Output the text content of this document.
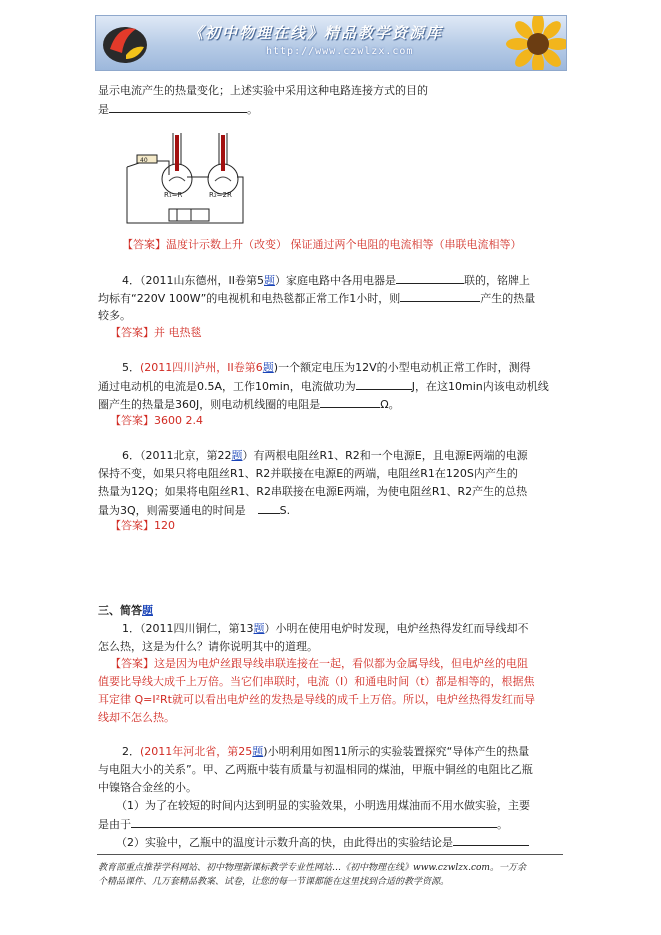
《初中物理在线》精品教学资源库
http://www.czwlzx.com
显示电流产生的热量变化；上述实验中采用这种电路连接方式的目的
是	。
40
R₁=R	R₂=2R
【答案】温度计示数上升（改变） 保证通过两个电阻的电流相等（串联电流相等）
4．（2011山东德州，II卷第5题）家庭电路中各用电器是	联的，铭牌上
均标有“220V 100W”的电视机和电热毯都正常工作1小时，则	产生的热量
较多。
【答案】并 电热毯
5．(2011四川泸州，II卷第6题)一个额定电压为12V的小型电动机正常工作时，测得
通过电动机的电流是0.5A，工作10min，电流做功为	J，在这10min内该电动机线
圈产生的热量是360J，则电动机线圈的电阻是	Ω。
【答案】3600 2.4
6．（2011北京，第22题）有两根电阻丝R1、R2和一个电源E，且电源E两端的电源
保持不变，如果只将电阻丝R1、R2并联接在电源E的两端，电阻丝R1在120S内产生的
热量为12Q；如果将电阻丝R1、R2串联接在电源E两端，为使电阻丝R1、R2产生的总热
量为3Q，则需要通电的时间是	S.
【答案】120
三、简答题
1．（2011四川铜仁，第13题）小明在使用电炉时发现，电炉丝热得发红而导线却不
怎么热，这是为什么？请你说明其中的道理。
【答案】这是因为电炉丝跟导线串联连接在一起，看似都为金属导线，但电炉丝的电阻
值要比导线大成千上万倍。当它们串联时，电流（I）和通电时间（t）都是相等的，根据焦
耳定律 Q=I²Rt就可以看出电炉丝的发热是导线的成千上万倍。所以，电炉丝热得发红而导
线却不怎么热。
2．(2011年河北省，第25题)小明利用如图11所示的实验装置探究“导体产生的热量
与电阻大小的关系”。甲、乙两瓶中装有质量与初温相同的煤油，甲瓶中铜丝的电阻比乙瓶
中镍铬合金丝的小。
（1）为了在较短的时间内达到明显的实验效果，小明选用煤油而不用水做实验，主要
是由于	。
（2）实验中，乙瓶中的温度计示数升高的快，由此得出的实验结论是
教育部重点推荐学科网站、初中物理新课标教学专业性网站…《初中物理在线》www.czwlzx.com。一万余
个精品课件、几万套精品教案、试卷，让您的每一节课都能在这里找到合适的教学资源。
